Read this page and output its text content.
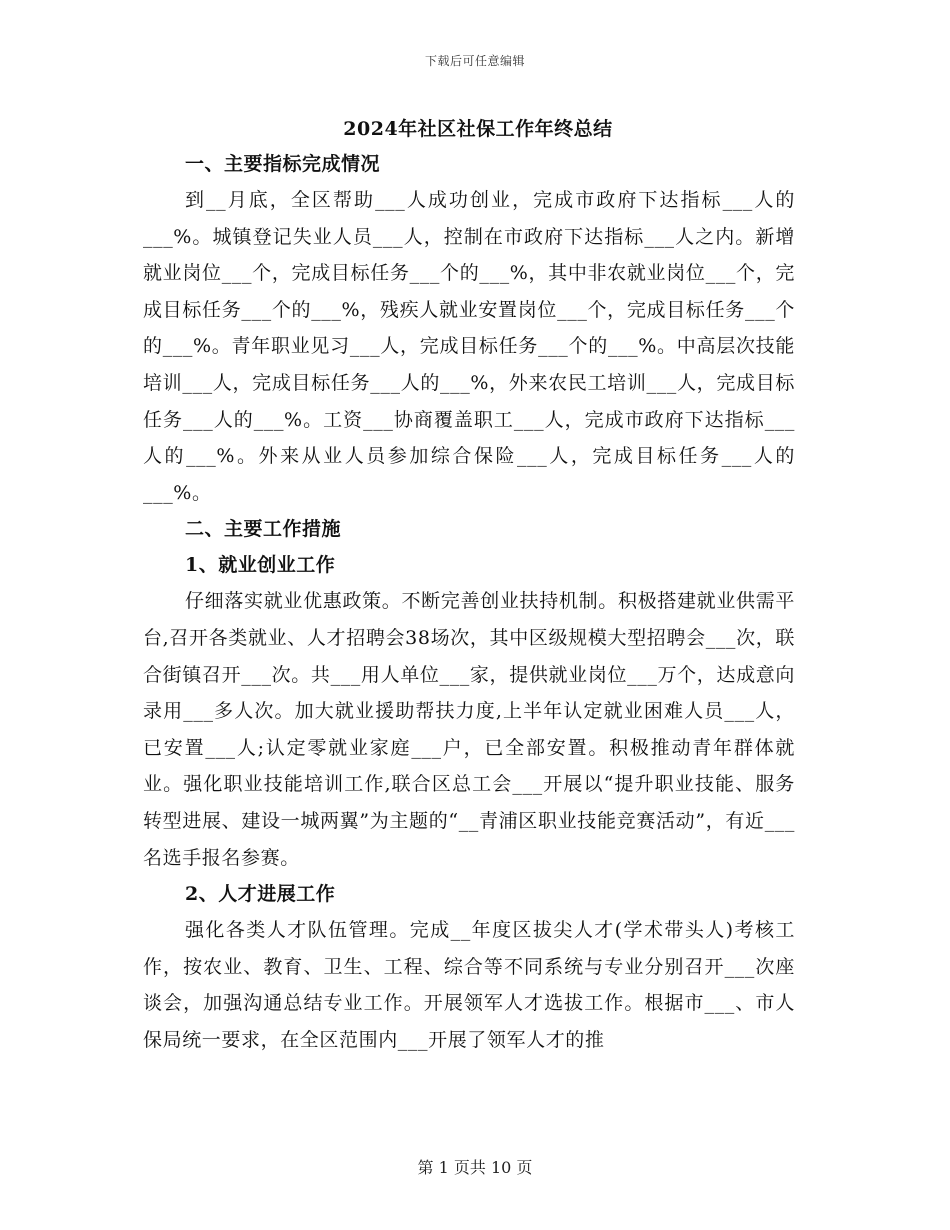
下载后可任意编辑
2024年社区社保工作年终总结

一、主要指标完成情况

到__月底，全区帮助___人成功创业，完成市政府下达指标___人的___%。城镇登记失业人员___人，控制在市政府下达指标___人之内。新增就业岗位___个，完成目标任务___个的___%，其中非农就业岗位___个，完成目标任务___个的___%，残疾人就业安置岗位___个，完成目标任务___个的___%。青年职业见习___人，完成目标任务___个的___%。中高层次技能培训___人，完成目标任务___人的___%，外来农民工培训___人，完成目标任务___人的___%。工资___协商覆盖职工___人，完成市政府下达指标___人的___%。外来从业人员参加综合保险___人，完成目标任务___人的___%。

二、主要工作措施

1、就业创业工作

仔细落实就业优惠政策。不断完善创业扶持机制。积极搭建就业供需平台,召开各类就业、人才招聘会38场次，其中区级规模大型招聘会___次，联合街镇召开___次。共___用人单位___家，提供就业岗位___万个，达成意向录用___多人次。加大就业援助帮扶力度,上半年认定就业困难人员___人，已安置___人;认定零就业家庭___户，已全部安置。积极推动青年群体就业。强化职业技能培训工作,联合区总工会___开展以“提升职业技能、服务转型进展、建设一城两翼”为主题的“__青浦区职业技能竞赛活动”，有近___名选手报名参赛。

2、人才进展工作

强化各类人才队伍管理。完成__年度区拔尖人才(学术带头人)考核工作，按农业、教育、卫生、工程、综合等不同系统与专业分别召开___次座谈会，加强沟通总结专业工作。开展领军人才选拔工作。根据市___、市人保局统一要求，在全区范围内___开展了领军人才的推

第 1 页共 10 页
